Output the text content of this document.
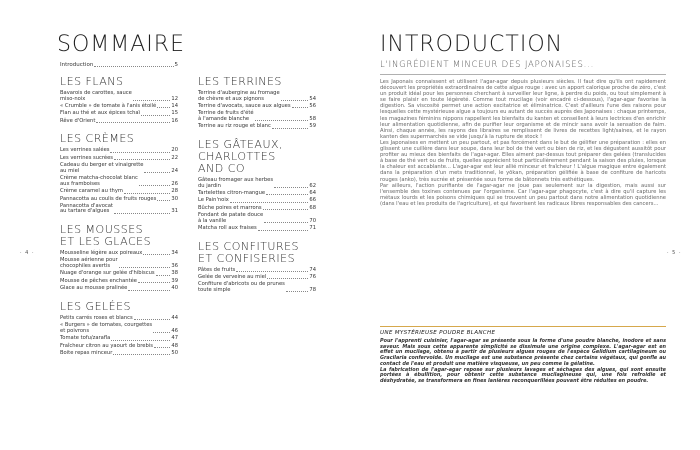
SOMMAIRE
Introduction	5
LES FLANS
Bavarois de carottes, sauce
miso-noix	12
« Crumble » de tomate à l'anis étoilé	14
Flan au thé et aux épices tchaï	15
Rêve d'Orient	16
LES CRÈMES
Les verrines salées	20
Les verrines sucrées	22
Cadeau du berger et vinaigrette
au miel	24
Crème matcha-chocolat blanc
aux framboises	26
Crème caramel au thym	28
Pannacotta au coulis de fruits rouges	30
Pannacotta d'avocat
au tartare d'algues	31
LES MOUSSES
ET LES GLACES
Mousseline légère aux poireaux	34
Mousse aérienne pour
chocophiles avertis	36
Nuage d'orange sur gelée d'hibiscus	38
Mousse de pêches enchantée	39
Glace au mousse pralinée	40
LES GELÉES
Petits carrés roses et blancs	44
« Burgers » de tomates, courgettes
et poivrons	46
Tomate tofu/zarafla	47
Fraîcheur citron au yaourt de brebis	48
Boite repas minceur	50
LES TERRINES
Terrine d'aubergine au fromage
de chèvre et aux pignons	54
Terrine d'avocats, sauce aux algues	56
Terrine de fruits d'été
à l'amande blanche	58
Terrine au riz rouge et blanc	59
LES GÂTEAUX,
CHARLOTTES
AND CO
Gâteau fromager aux herbes
du jardin	62
Tartelettes citron-mangue	64
Le Pain'noix	66
Bûche poires et marrons	68
Fondant de patate douce
à la vanille	70
Matcha roll aux fraises	71
LES CONFITURES
ET CONFISERIES
Pâtes de fruits	74
Gelée de verveine au miel	76
Confiture d'abricots ou de prunes
toute simple	78
· 4 ·	· 5 ·
INTRODUCTION
L'INGRÉDIENT MINCEUR DES JAPONAISES...

Les Japonais connaissent et utilisent l'agar-agar depuis plusieurs siècles. Il faut dire qu'ils ont rapidement découvert les propriétés extraordinaires de cette algue rouge : avec un apport calorique proche de zéro, c'est un produit idéal pour les personnes cherchant à surveiller leur ligne, à perdre du poids, ou tout simplement à se faire plaisir en toute légèreté. Comme tout mucilage (voir encadré ci-dessous), l'agar-agar favorise la digestion. Sa viscosité permet une action excitatrice et éliminatrice. C'est d'ailleurs l'une des raisons pour lesquelles cette mystérieuse algue a toujours eu autant de succès auprès des Japonaises : chaque printemps, les magazines féminins nippons rappellent les bienfaits du kanten et conseillent à leurs lectrices d'en enrichir leur alimentation quotidienne, afin de purifier leur organisme et de mincir sans avoir la sensation de faim. Ainsi, chaque année, les rayons des libraires se remplissent de livres de recettes light/saines, et le rayon kanten des supermarchés se vide jusqu'à la rupture de stock !

Les Japonaises en mettent un peu partout, et pas forcément dans le but de gélifier une préparation : elles en glissent une cuillère dans leur soupe, dans leur bol de thé vert ou bien de riz, et les dégustent aussitôt pour profiter au mieux des bienfaits de l'agar-agar. Elles aiment par-dessus tout préparer des gelées (translucides à base de thé vert ou de fruits, quelles apprécient tout particulièrement pendant la saison des pluies, lorsque la chaleur est accablante... L'agar-agar est leur allié minceur et fraîcheur ! L'algue magique entre également dans la préparation d'un mets traditionnel, le yōkan, préparation gélifiée à base de confiture de haricots rouges (anko), très sucrée et présentée sous forme de bâtonnets très esthétiques.

Par ailleurs, l'action purifiante de l'agar-agar ne joue pas seulement sur la digestion, mais aussi sur l'ensemble des toxines contenues par l'organisme. Car l'agar-agar phagocyte, c'est à dire qu'il capture les métaux lourds et les poisons chimiques qui se trouvent un peu partout dans notre alimentation quotidienne (dans l'eau et les produits de l'agriculture), et qui favorisent les radicaux libres responsables des cancers...

UNE MYSTÉRIEUSE POUDRE BLANCHE

Pour l'apprenti cuisinier, l'agar-agar se présente sous la forme d'une poudre blanche, inodore et sans saveur. Mais sous cette apparente simplicité se dissimule une origine complexe. L'agar-agar est en effet un mucilage, obtenu à partir de plusieurs algues rouges de l'espèce Gelidium cartilagineum ou Gracilaria confervoide. Un mucilage est une substance présente chez certains végétaux, qui gonfle au contact de l'eau et produit une matière visqueuse, un peu comme la gélatine.

La fabrication de l'agar-agar repose sur plusieurs lavages et séchages des algues, qui sont ensuite portées à ébullition, pour obtenir cette substance mucilagineuse qui, une fois refroidie et déshydratée, se transformera en fines lanières reconquerillées pouvant être réduites en poudre.
